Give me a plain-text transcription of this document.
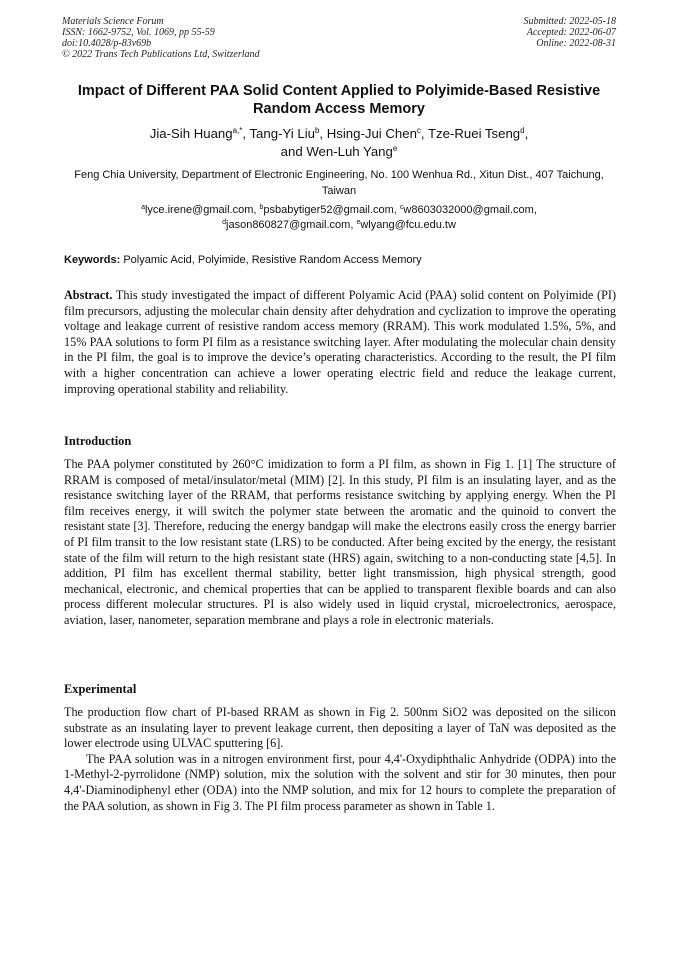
Materials Science Forum
ISSN: 1662-9752, Vol. 1069, pp 55-59
doi:10.4028/p-83v69b
© 2022 Trans Tech Publications Ltd, Switzerland
Submitted: 2022-05-18
Accepted: 2022-06-07
Online: 2022-08-31
Impact of Different PAA Solid Content Applied to Polyimide-Based Resistive Random Access Memory
Jia-Sih Huang$^{a,*}$, Tang-Yi Liu$^b$, Hsing-Jui Chen$^c$, Tze-Ruei Tseng$^d$,
and Wen-Luh Yang$^e$
Feng Chia University, Department of Electronic Engineering, No. 100 Wenhua Rd., Xitun Dist., 407 Taichung, Taiwan
$^a$lyce.irene@gmail.com, $^b$psbabytiger52@gmail.com, $^c$w8603032000@gmail.com,
$^d$jason860827@gmail.com, $^e$wlyang@fcu.edu.tw
Keywords: Polyamic Acid, Polyimide, Resistive Random Access Memory
Abstract. This study investigated the impact of different Polyamic Acid (PAA) solid content on Polyimide (PI) film precursors, adjusting the molecular chain density after dehydration and cyclization to improve the operating voltage and leakage current of resistive random access memory (RRAM). This work modulated 1.5%, 5%, and 15% PAA solutions to form PI film as a resistance switching layer. After modulating the molecular chain density in the PI film, the goal is to improve the device’s operating characteristics. According to the result, the PI film with a higher concentration can achieve a lower operating electric field and reduce the leakage current, improving operational stability and reliability.
Introduction

The PAA polymer constituted by 260°C imidization to form a PI film, as shown in Fig 1. [1] The structure of RRAM is composed of metal/insulator/metal (MIM) [2]. In this study, PI film is an insulating layer, and as the resistance switching layer of the RRAM, that performs resistance switching by applying energy. When the PI film receives energy, it will switch the polymer state between the aromatic and the quinoid to convert the resistant state [3]. Therefore, reducing the energy bandgap will make the electrons easily cross the energy barrier of PI film transit to the low resistant state (LRS) to be conducted. After being excited by the energy, the resistant state of the film will return to the high resistant state (HRS) again, switching to a non-conducting state [4,5]. In addition, PI film has excellent thermal stability, better light transmission, high physical strength, good mechanical, electronic, and chemical properties that can be applied to transparent flexible boards and can also process different molecular structures. PI is also widely used in liquid crystal, microelectronics, aerospace, aviation, laser, nanometer, separation membrane and plays a role in electronic materials.

Experimental

The production flow chart of PI-based RRAM as shown in Fig 2. 500nm SiO2 was deposited on the silicon substrate as an insulating layer to prevent leakage current, then depositing a layer of TaN was deposited as the lower electrode using ULVAC sputtering [6].

The PAA solution was in a nitrogen environment first, pour 4,4'-Oxydiphthalic Anhydride (ODPA) into the 1-Methyl-2-pyrrolidone (NMP) solution, mix the solution with the solvent and stir for 30 minutes, then pour 4,4'-Diaminodiphenyl ether (ODA) into the NMP solution, and mix for 12 hours to complete the preparation of the PAA solution, as shown in Fig 3. The PI film process parameter as shown in Table 1.
